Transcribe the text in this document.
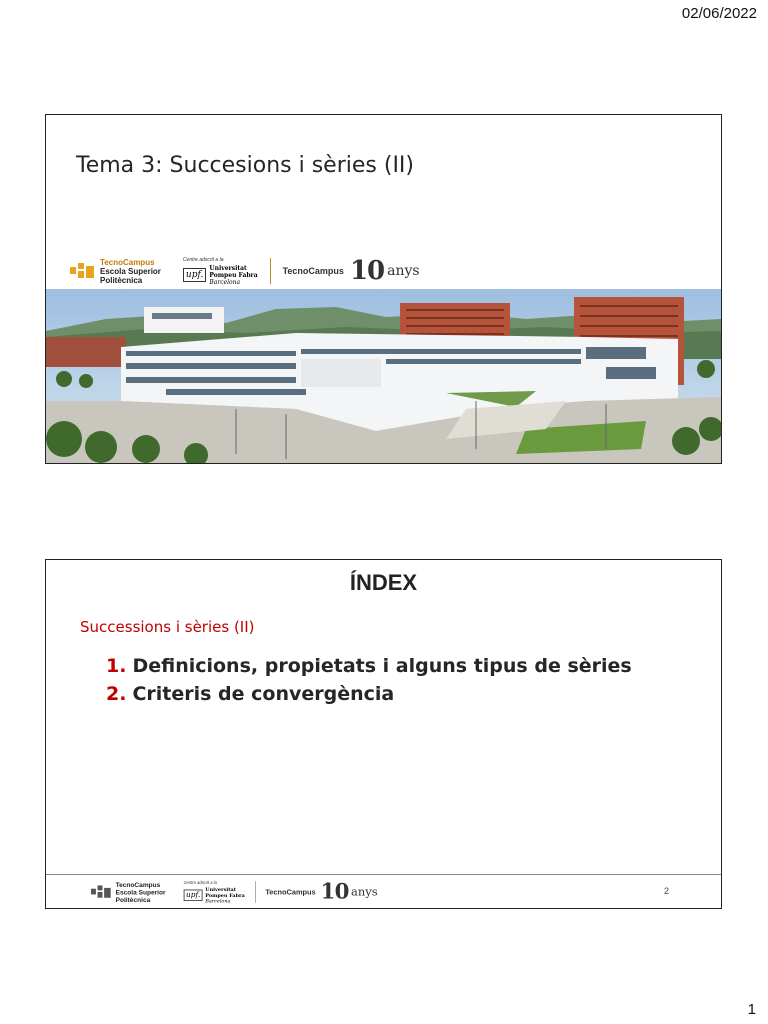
02/06/2022
Tema 3: Succesions i sèries (II)
TecnoCampus
Escola Superior
Politècnica
Centre adscrit a la
upf.
Universitat
Pompeu Fabra
Barcelona
TecnoCampus 10 anys
ÍNDEX
Successions i sèries (II)
1. Definicions, propietats i alguns tipus de sèries
2. Criteris de convergència
TecnoCampus
Escola Superior
Politècnica
Centre adscrit a la
upf.
Universitat
Pompeu Fabra
Barcelona
TecnoCampus 10 anys	2
1
